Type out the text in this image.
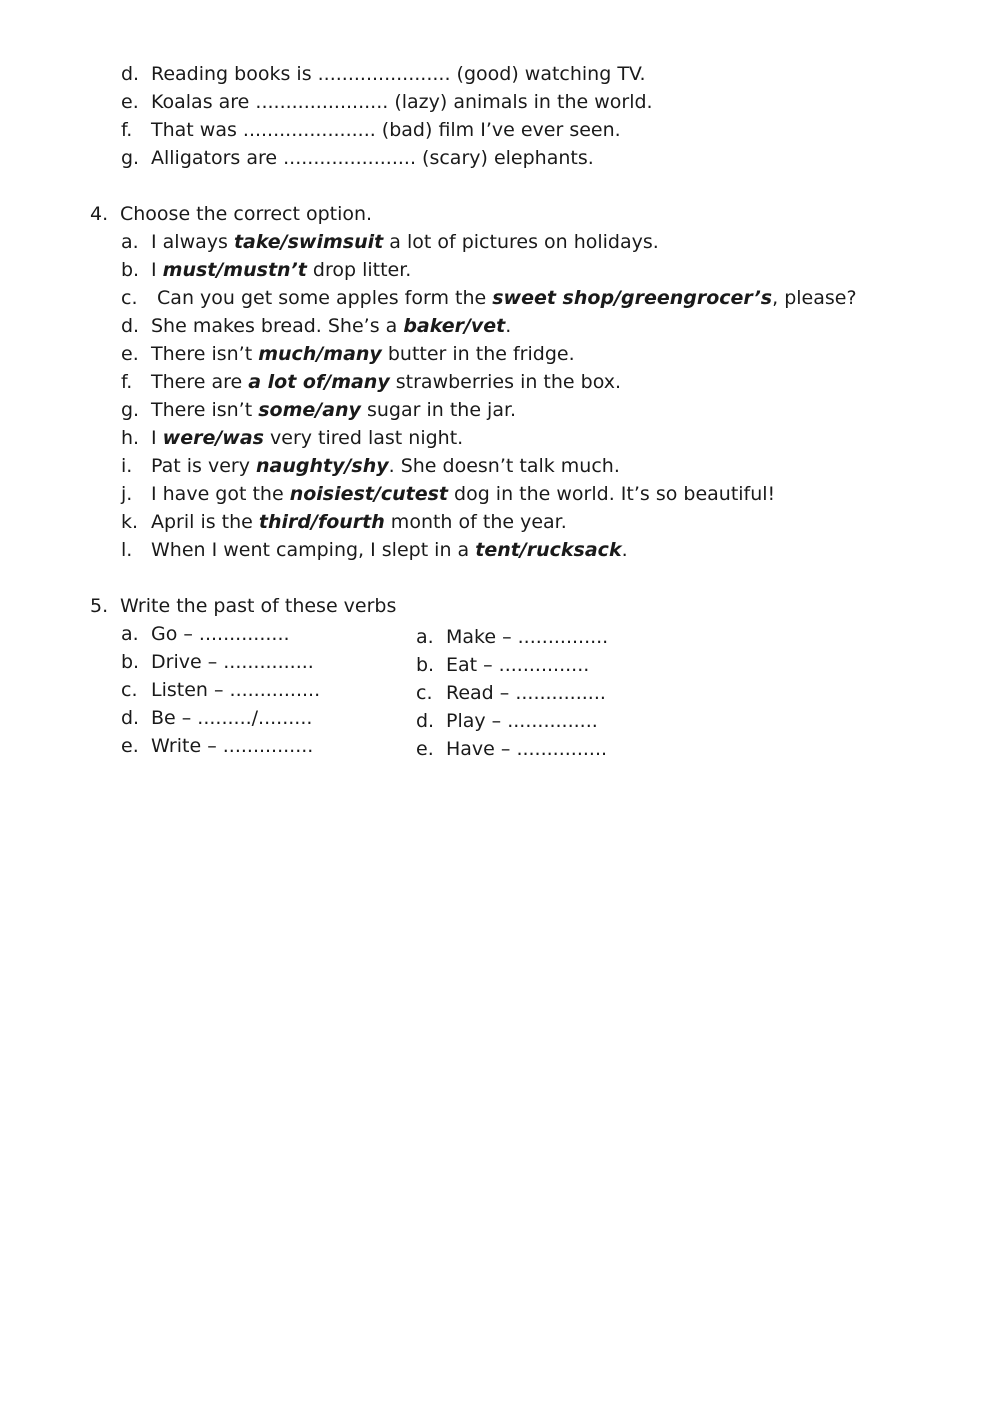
d. Reading books is ...................... (good) watching TV.
e. Koalas are ...................... (lazy) animals in the world.
f. That was ...................... (bad) film I’ve ever seen.
g. Alligators are ...................... (scary) elephants.
4. Choose the correct option.
a. I always take/swimsuit a lot of pictures on holidays.
b. I must/mustn’t drop litter.
c. Can you get some apples form the sweet shop/greengrocer’s, please?
d. She makes bread. She’s a baker/vet.
e. There isn’t much/many butter in the fridge.
f. There are a lot of/many strawberries in the box.
g. There isn’t some/any sugar in the jar.
h. I were/was very tired last night.
i. Pat is very naughty/shy. She doesn’t talk much.
j. I have got the noisiest/cutest dog in the world. It’s so beautiful!
k. April is the third/fourth month of the year.
l. When I went camping, I slept in a tent/rucksack.
5. Write the past of these verbs
a. Go – ...............
b. Drive – ...............
c. Listen – ...............
d. Be – ........./.........
e. Write – ...............
a. Make – ...............
b. Eat – ...............
c. Read – ...............
d. Play – ...............
e. Have – ...............
